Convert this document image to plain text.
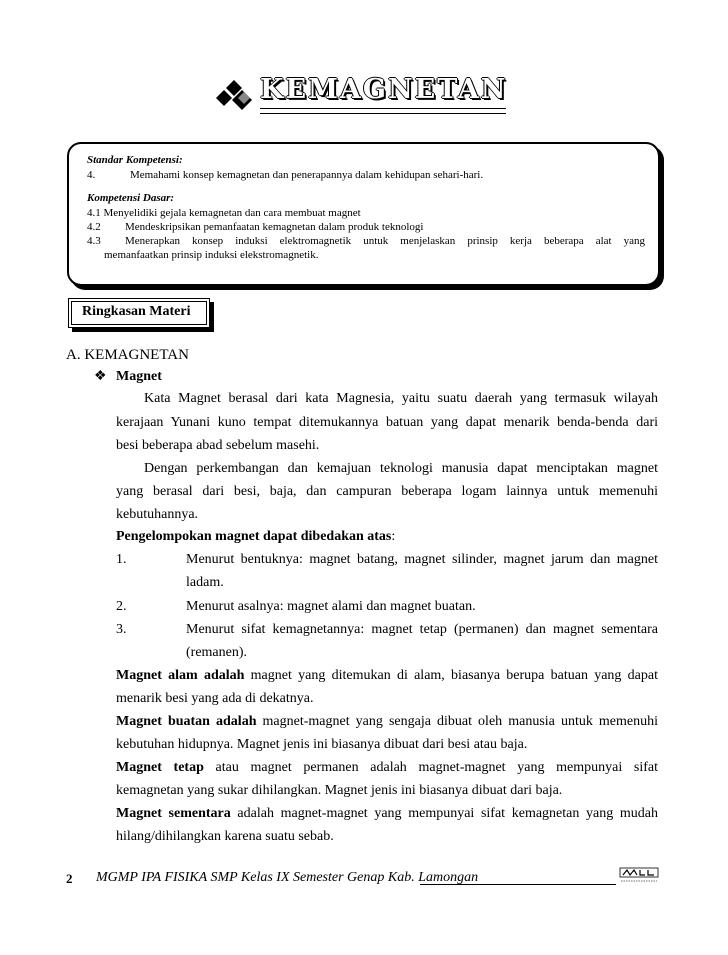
KEMAGNETAN
Standar Kompetensi:
4.	Memahami konsep kemagnetan dan penerapannya dalam kehidupan sehari-hari.
Kompetensi Dasar:
4.1 Menyelidiki gejala kemagnetan dan cara membuat magnet
4.2 Mendeskripsikan pemanfaatan kemagnetan dalam produk teknologi
4.3 Menerapkan konsep induksi elektromagnetik untuk menjelaskan prinsip kerja beberapa alat yang
memanfaatkan prinsip induksi elekstromagnetik.
Ringkasan Materi
A. KEMAGNETAN
❖ Magnet
Kata Magnet berasal dari kata Magnesia, yaitu suatu daerah yang termasuk wilayah
kerajaan Yunani kuno tempat ditemukannya batuan yang dapat menarik benda-benda dari
besi beberapa abad sebelum masehi.
Dengan perkembangan dan kemajuan teknologi manusia dapat menciptakan magnet
yang berasal dari besi, baja, dan campuran beberapa logam lainnya untuk memenuhi
kebutuhannya.
Pengelompokan magnet dapat dibedakan atas:
1.	Menurut bentuknya: magnet batang, magnet silinder, magnet jarum dan magnet
ladam.
2.	Menurut asalnya: magnet alami dan magnet buatan.
3.	Menurut sifat kemagnetannya: magnet tetap (permanen) dan magnet sementara
(remanen).
Magnet alam adalah magnet yang ditemukan di alam, biasanya berupa batuan yang dapat
menarik besi yang ada di dekatnya.
Magnet buatan adalah magnet-magnet yang sengaja dibuat oleh manusia untuk memenuhi
kebutuhan hidupnya. Magnet jenis ini biasanya dibuat dari besi atau baja.
Magnet tetap atau magnet permanen adalah magnet-magnet yang mempunyai sifat
kemagnetan yang sukar dihilangkan. Magnet jenis ini biasanya dibuat dari baja.
Magnet sementara adalah magnet-magnet yang mempunyai sifat kemagnetan yang mudah
hilang/dihilangkan karena suatu sebab.
2 MGMP IPA FISIKA SMP Kelas IX Semester Genap Kab. Lamongan
